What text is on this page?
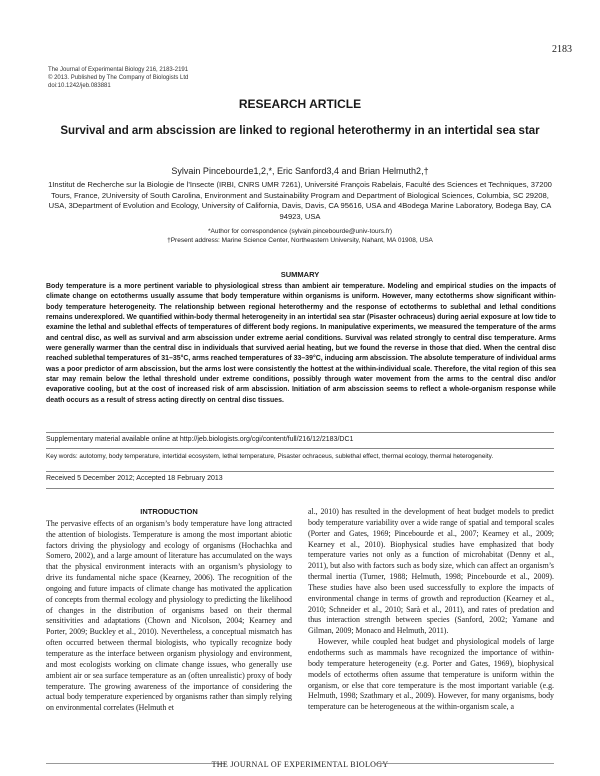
2183
The Journal of Experimental Biology 216, 2183-2191
© 2013. Published by The Company of Biologists Ltd
doi:10.1242/jeb.083881
RESEARCH ARTICLE
Survival and arm abscission are linked to regional heterothermy in an intertidal sea star
Sylvain Pincebourde1,2,*, Eric Sanford3,4 and Brian Helmuth2,†
1Institut de Recherche sur la Biologie de l’Insecte (IRBI, CNRS UMR 7261), Université François Rabelais, Faculté des Sciences et Techniques, 37200 Tours, France, 2University of South Carolina, Environment and Sustainability Program and Department of Biological Sciences, Columbia, SC 29208, USA, 3Department of Evolution and Ecology, University of California, Davis, Davis, CA 95616, USA and 4Bodega Marine Laboratory, Bodega Bay, CA 94923, USA
*Author for correspondence (sylvain.pincebourde@univ-tours.fr)
†Present address: Marine Science Center, Northeastern University, Nahant, MA 01908, USA
SUMMARY
Body temperature is a more pertinent variable to physiological stress than ambient air temperature. Modeling and empirical studies on the impacts of climate change on ectotherms usually assume that body temperature within organisms is uniform. However, many ectotherms show significant within-body temperature heterogeneity. The relationship between regional heterothermy and the response of ectotherms to sublethal and lethal conditions remains underexplored. We quantified within-body thermal heterogeneity in an intertidal sea star (Pisaster ochraceus) during aerial exposure at low tide to examine the lethal and sublethal effects of temperatures of different body regions. In manipulative experiments, we measured the temperature of the arms and central disc, as well as survival and arm abscission under extreme aerial conditions. Survival was related strongly to central disc temperature. Arms were generally warmer than the central disc in individuals that survived aerial heating, but we found the reverse in those that died. When the central disc reached sublethal temperatures of 31–35°C, arms reached temperatures of 33–39°C, inducing arm abscission. The absolute temperature of individual arms was a poor predictor of arm abscission, but the arms lost were consistently the hottest at the within-individual scale. Therefore, the vital region of this sea star may remain below the lethal threshold under extreme conditions, possibly through water movement from the arms to the central disc and/or evaporative cooling, but at the cost of increased risk of arm abscission. Initiation of arm abscission seems to reflect a whole-organism response while death occurs as a result of stress acting directly on central disc tissues.
Supplementary material available online at http://jeb.biologists.org/cgi/content/full/216/12/2183/DC1
Key words: autotomy, body temperature, intertidal ecosystem, lethal temperature, Pisaster ochraceus, sublethal effect, thermal ecology, thermal heterogeneity.
Received 5 December 2012; Accepted 18 February 2013
INTRODUCTION

The pervasive effects of an organism’s body temperature have long attracted the attention of biologists. Temperature is among the most important abiotic factors driving the physiology and ecology of organisms (Hochachka and Somero, 2002), and a large amount of literature has accumulated on the ways that the physical environment interacts with an organism’s physiology to drive its fundamental niche space (Kearney, 2006). The recognition of the ongoing and future impacts of climate change has motivated the application of concepts from thermal ecology and physiology to predicting the likelihood of changes in the distribution of organisms based on their thermal sensitivities and adaptations (Chown and Nicolson, 2004; Kearney and Porter, 2009; Buckley et al., 2010). Nevertheless, a conceptual mismatch has often occurred between thermal biologists, who typically recognize body temperature as the interface between organism physiology and environment, and most ecologists working on climate change issues, who generally use ambient air or sea surface temperature as an (often unrealistic) proxy of body temperature. The growing awareness of the importance of considering the actual body temperature experienced by organisms rather than simply relying on environmental correlates (Helmuth et

al., 2010) has resulted in the development of heat budget models to predict body temperature variability over a wide range of spatial and temporal scales (Porter and Gates, 1969; Pincebourde et al., 2007; Kearney et al., 2009; Kearney et al., 2010). Biophysical studies have emphasized that body temperature varies not only as a function of microhabitat (Denny et al., 2011), but also with factors such as body size, which can affect an organism’s thermal inertia (Turner, 1988; Helmuth, 1998; Pincebourde et al., 2009). These studies have also been used successfully to explore the impacts of environmental change in terms of growth and reproduction (Kearney et al., 2010; Schneider et al., 2010; Sarà et al., 2011), and rates of predation and thus interaction strength between species (Sanford, 2002; Yamane and Gilman, 2009; Monaco and Helmuth, 2011).

However, while coupled heat budget and physiological models of large endotherms such as mammals have recognized the importance of within-body temperature heterogeneity (e.g. Porter and Gates, 1969), biophysical models of ectotherms often assume that temperature is uniform within the organism, or else that core temperature is the most important variable (e.g. Helmuth, 1998; Szathmary et al., 2009). However, for many organisms, body temperature can be heterogeneous at the within-organism scale, a

THE JOURNAL OF EXPERIMENTAL BIOLOGY
